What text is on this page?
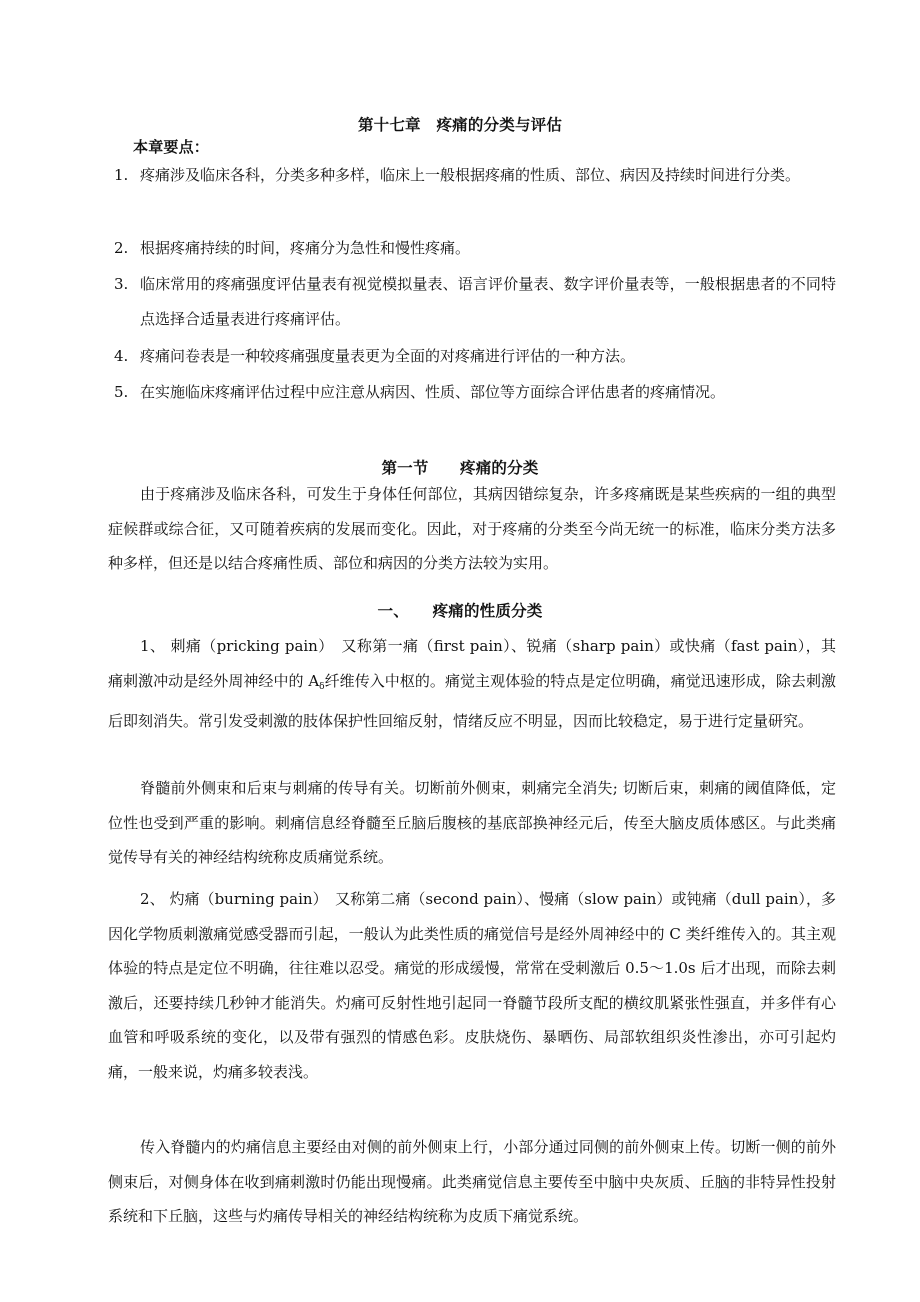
第十七章　 疼痛的分类与评估
本章要点：
1. 疼痛涉及临床各科，分类多种多样，临床上一般根据疼痛的性质、部位、病因及持续时间进行分类。
2. 根据疼痛持续的时间，疼痛分为急性和慢性疼痛。
3. 临床常用的疼痛强度评估量表有视觉模拟量表、语言评价量表、数字评价量表等，一般根据患者的不同特点选择合适量表进行疼痛评估。
4. 疼痛问卷表是一种较疼痛强度量表更为全面的对疼痛进行评估的一种方法。
5. 在实施临床疼痛评估过程中应注意从病因、性质、部位等方面综合评估患者的疼痛情况。
第一节　　 疼痛的分类
由于疼痛涉及临床各科，可发生于身体任何部位，其病因错综复杂，许多疼痛既是某些疾病的一组的典型症候群或综合征，又可随着疾病的发展而变化。因此，对于疼痛的分类至今尚无统一的标准，临床分类方法多种多样，但还是以结合疼痛性质、部位和病因的分类方法较为实用。
一、　　 疼痛的性质分类
1、 刺痛（pricking pain）　又称第一痛（first pain）、锐痛（sharp pain）或快痛（fast pain），其痛刺激冲动是经外周神经中的 $A_\delta$纤维传入中枢的。痛觉主观体验的特点是定位明确，痛觉迅速形成，除去刺激后即刻消失。常引发受刺激的肢体保护性回缩反射，情绪反应不明显，因而比较稳定，易于进行定量研究。
脊髓前外侧束和后束与刺痛的传导有关。切断前外侧束，刺痛完全消失; 切断后束，刺痛的阈值降低，定位性也受到严重的影响。刺痛信息经脊髓至丘脑后腹核的基底部换神经元后，传至大脑皮质体感区。与此类痛觉传导有关的神经结构统称皮质痛觉系统。
2、 灼痛（burning pain）　又称第二痛（second pain）、慢痛（slow pain）或钝痛（dull pain），多因化学物质刺激痛觉感受器而引起，一般认为此类性质的痛觉信号是经外周神经中的 C 类纤维传入的。其主观体验的特点是定位不明确，往往难以忍受。痛觉的形成缓慢，常常在受刺激后 0.5～1.0s 后才出现，而除去刺激后，还要持续几秒钟才能消失。灼痛可反射性地引起同一脊髓节段所支配的横纹肌紧张性强直，并多伴有心血管和呼吸系统的变化，以及带有强烈的情感色彩。皮肤烧伤、暴晒伤、局部软组织炎性渗出，亦可引起灼痛，一般来说，灼痛多较表浅。
传入脊髓内的灼痛信息主要经由对侧的前外侧束上行，小部分通过同侧的前外侧束上传。切断一侧的前外侧束后，对侧身体在收到痛刺激时仍能出现慢痛。此类痛觉信息主要传至中脑中央灰质、丘脑的非特异性投射系统和下丘脑，这些与灼痛传导相关的神经结构统称为皮质下痛觉系统。
